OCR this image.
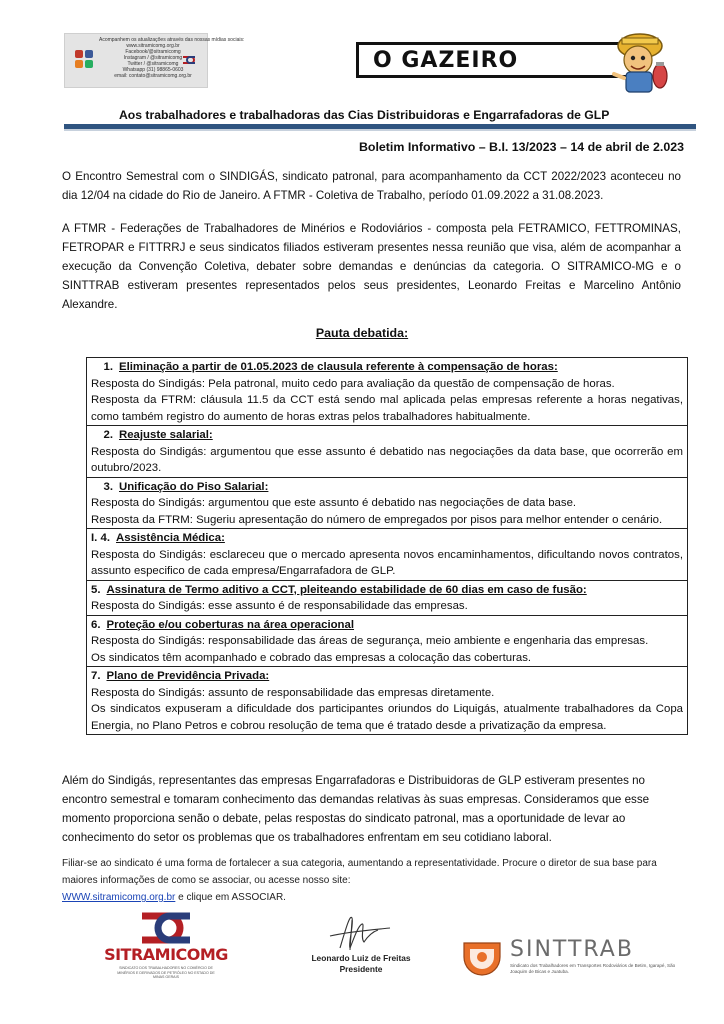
Acompanhem os atualizações através das nossas mídias sociais:
www.sitramicomg.org.br
Facebook/@sitramicomg
Instagram / @sitramicomg
Twitter / @sitramicomg
Whatsapp (31) 98865-0603
email: contato@sitramicomg.org.br
O GAZEIRO
Aos trabalhadores e trabalhadoras das Cias Distribuidoras e Engarrafadoras de GLP
Boletim Informativo – B.I. 13/2023 – 14 de abril de 2.023

O Encontro Semestral com o SINDIGÁS, sindicato patronal, para acompanhamento da CCT 2022/2023 aconteceu no dia 12/04 na cidade do Rio de Janeiro. A FTMR - Coletiva de Trabalho, período 01.09.2022 a 31.08.2023.

A FTMR - Federações de Trabalhadores de Minérios e Rodoviários - composta pela FETRAMICO, FETTROMINAS, FETROPAR e FITTRRJ e seus sindicatos filiados estiveram presentes nessa reunião que visa, além de acompanhar a execução da Convenção Coletiva, debater sobre demandas e denúncias da categoria. O SITRAMICO-MG e o SINTTRAB estiveram presentes representados pelos seus presidentes, Leonardo Freitas e Marcelino Antônio Alexandre.

Pauta debatida:
1. Eliminação a partir de 01.05.2023 de clausula referente à compensação de horas:
Resposta do Sindigás: Pela patronal, muito cedo para avaliação da questão de compensação de horas.
Resposta da FTRM: cláusula 11.5 da CCT está sendo mal aplicada pelas empresas referente a horas negativas, como também registro do aumento de horas extras pelos trabalhadores habitualmente.
2. Reajuste salarial:
Resposta do Sindigás: argumentou que esse assunto é debatido nas negociações da data base, que ocorrerão em outubro/2023.
3. Unificação do Piso Salarial:
Resposta do Sindigás: argumentou que este assunto é debatido nas negociações de data base.
Resposta da FTRM: Sugeriu apresentação do número de empregados por pisos para melhor entender o cenário.
I. 4. Assistência Médica:
Resposta do Sindigás: esclareceu que o mercado apresenta novos encaminhamentos, dificultando novos contratos, assunto especifico de cada empresa/Engarrafadora de GLP.
5. Assinatura de Termo aditivo a CCT, pleiteando estabilidade de 60 dias em caso de fusão:
Resposta do Sindigás: esse assunto é de responsabilidade das empresas.
6. Proteção e/ou coberturas na área operacional
Resposta do Sindigás: responsabilidade das áreas de segurança, meio ambiente e engenharia das empresas.
Os sindicatos têm acompanhado e cobrado das empresas a colocação das coberturas.
7. Plano de Previdência Privada:
Resposta do Sindigás: assunto de responsabilidade das empresas diretamente.
Os sindicatos expuseram a dificuldade dos participantes oriundos do Liquigás, atualmente trabalhadores da Copa Energia, no Plano Petros e cobrou resolução de tema que é tratado desde a privatização da empresa.

Além do Sindigás, representantes das empresas Engarrafadoras e Distribuidoras de GLP estiveram presentes no encontro semestral e tomaram conhecimento das demandas relativas às suas empresas. Consideramos que esse momento proporciona senão o debate, pelas respostas do sindicato patronal, mas a oportunidade de levar ao conhecimento do setor os problemas que os trabalhadores enfrentam em seu cotidiano laboral.

Filiar-se ao sindicato é uma forma de fortalecer a sua categoria, aumentando a representatividade. Procure o diretor de sua base para maiores informações de como se associar, ou acesse nosso site:
WWW.sitramicomg.org.br e clique em ASSOCIAR.
SITRAMICOMG
SINDICATO DOS TRABALHADORES NO COMÉRCIO DE MINÉRIOS E DERIVADOS DE PETRÓLEO NO ESTADO DE MINAS GERAIS
Leonardo Luiz de Freitas
Presidente
SINTTRAB
Sindicato dos Trabalhadores em Transportes Rodoviários de Betim, Igarapé, São Joaquim de Bicas e Juatuba.
